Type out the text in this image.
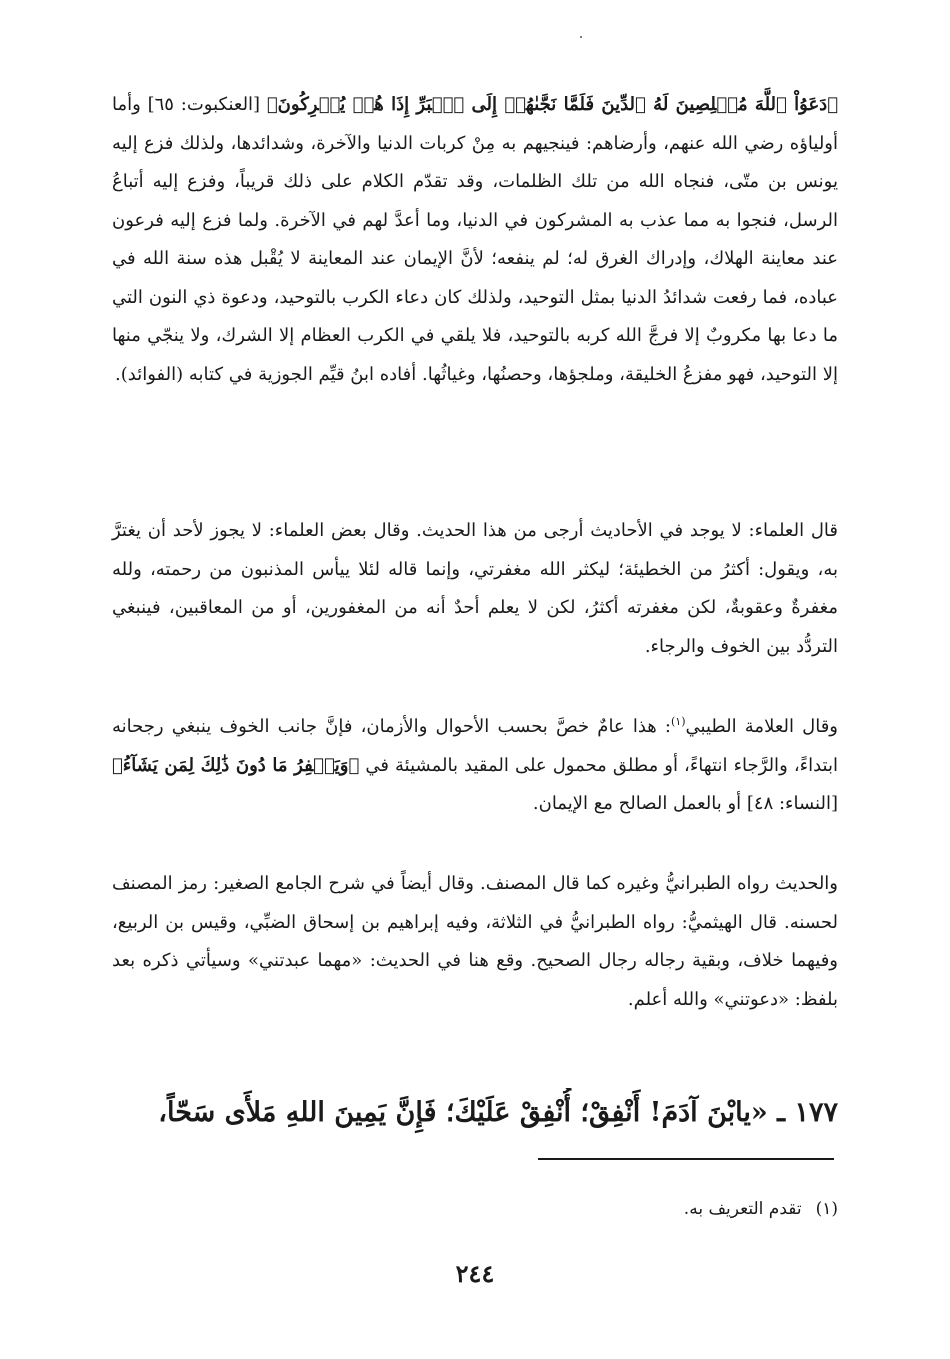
﴿دَعَوُاْ ٱللَّهَ مُخۡلِصِينَ لَهُ ٱلدِّينَ فَلَمَّا نَجَّىٰهُمۡ إِلَى ٱلۡبَرِّ إِذَا هُمۡ يُشۡرِكُونَ﴾ [العنكبوت: ٦٥] وأما أولياؤه رضي الله عنهم، وأرضاهم: فينجيهم به مِنْ كربات الدنيا والآخرة، وشدائدها، ولذلك فزع إليه يونس بن متّى، فنجاه الله من تلك الظلمات، وقد تقدّم الكلام على ذلك قريباً، وفزع إليه أتباعُ الرسل، فنجوا به مما عذب به المشركون في الدنيا، وما أعدَّ لهم في الآخرة. ولما فزع إليه فرعون عند معاينة الهلاك، وإدراك الغرق له؛ لم ينفعه؛ لأنَّ الإيمان عند المعاينة لا يُقْبل هذه سنة الله في عباده، فما رفعت شدائدُ الدنيا بمثل التوحيد، ولذلك كان دعاء الكرب بالتوحيد، ودعوة ذي النون التي ما دعا بها مكروبٌ إلا فرجَّ الله كربه بالتوحيد، فلا يلقي في الكرب العظام إلا الشرك، ولا ينجّي منها إلا التوحيد، فهو مفزعُ الخليقة، وملجؤها، وحصنُها، وغياثُها. أفاده ابنُ قيِّم الجوزية في كتابه (الفوائد).

قال العلماء: لا يوجد في الأحاديث أرجى من هذا الحديث. وقال بعض العلماء: لا يجوز لأحد أن يغترَّ به، ويقول: أكثرُ من الخطيئة؛ ليكثر الله مغفرتي، وإنما قاله لئلا ييأس المذنبون من رحمته، ولله مغفرةٌ وعقوبةٌ، لكن مغفرته أكثرُ، لكن لا يعلم أحدٌ أنه من المغفورين، أو من المعاقبين، فينبغي التردُّد بين الخوف والرجاء.

وقال العلامة الطيبي$^{(١)}$: هذا عامٌ خصَّ بحسب الأحوال والأزمان، فإنَّ جانب الخوف ينبغي رجحانه ابتداءً، والرَّجاء انتهاءً، أو مطلق محمول على المقيد بالمشيئة في ﴿وَيَغۡفِرُ مَا دُونَ ذَٰلِكَ لِمَن يَشَآءُ﴾ [النساء: ٤٨] أو بالعمل الصالح مع الإيمان.

والحديث رواه الطبرانيُّ وغيره كما قال المصنف. وقال أيضاً في شرح الجامع الصغير: رمز المصنف لحسنه. قال الهيثميُّ: رواه الطبرانيُّ في الثلاثة، وفيه إبراهيم بن إسحاق الضبِّي، وقيس بن الربيع، وفيهما خلاف، وبقية رجاله رجال الصحيح. وقع هنا في الحديث: «مهما عبدتني» وسيأتي ذكره بعد بلفظ: «دعوتني» والله أعلم.

١٧٧ ـ «يابْنَ آدَمَ! أَنْفِقْ؛ أُنْفِقْ عَلَيْكَ؛ فَإِنَّ يَمِينَ اللهِ مَلأَى سَحّاً،

(١)تقدم التعريف به.

٢٤٤
